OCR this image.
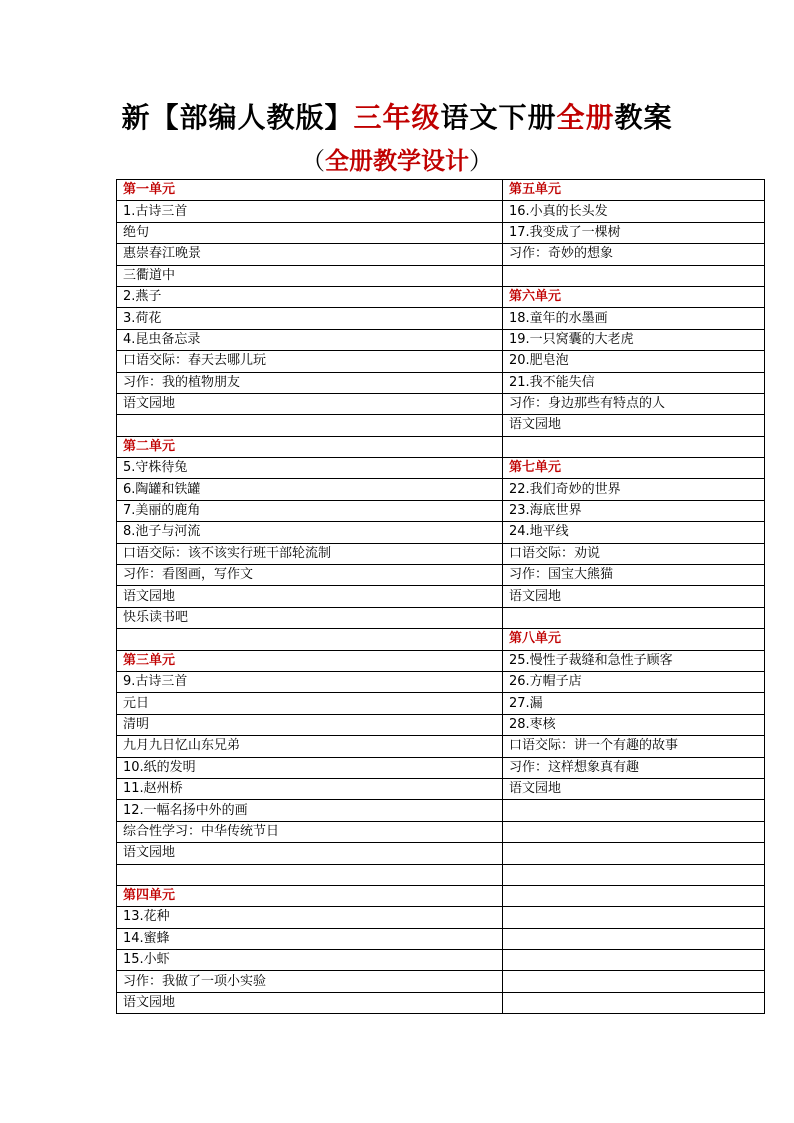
新【部编人教版】三年级语文下册全册教案
（全册教学设计）
第一单元	第五单元
1.古诗三首	16.小真的长头发
绝句	17.我变成了一棵树
惠崇春江晚景	习作：奇妙的想象
三衢道中	
2.燕子	第六单元
3.荷花	18.童年的水墨画
4.昆虫备忘录	19.一只窝囊的大老虎
口语交际：春天去哪儿玩	20.肥皂泡
习作：我的植物朋友	21.我不能失信
语文园地	习作：身边那些有特点的人
	语文园地
第二单元	
5.守株待兔	第七单元
6.陶罐和铁罐	22.我们奇妙的世界
7.美丽的鹿角	23.海底世界
8.池子与河流	24.地平线
口语交际：该不该实行班干部轮流制	口语交际：劝说
习作：看图画，写作文	习作：国宝大熊猫
语文园地	语文园地
快乐读书吧	
	第八单元
第三单元	25.慢性子裁缝和急性子顾客
9.古诗三首	26.方帽子店
元日	27.漏
清明	28.枣核
九月九日忆山东兄弟	口语交际：讲一个有趣的故事
10.纸的发明	习作：这样想象真有趣
11.赵州桥	语文园地
12.一幅名扬中外的画	
综合性学习：中华传统节日	
语文园地	

第四单元	
13.花种	
14.蜜蜂	
15.小虾	
习作：我做了一项小实验	
语文园地	
